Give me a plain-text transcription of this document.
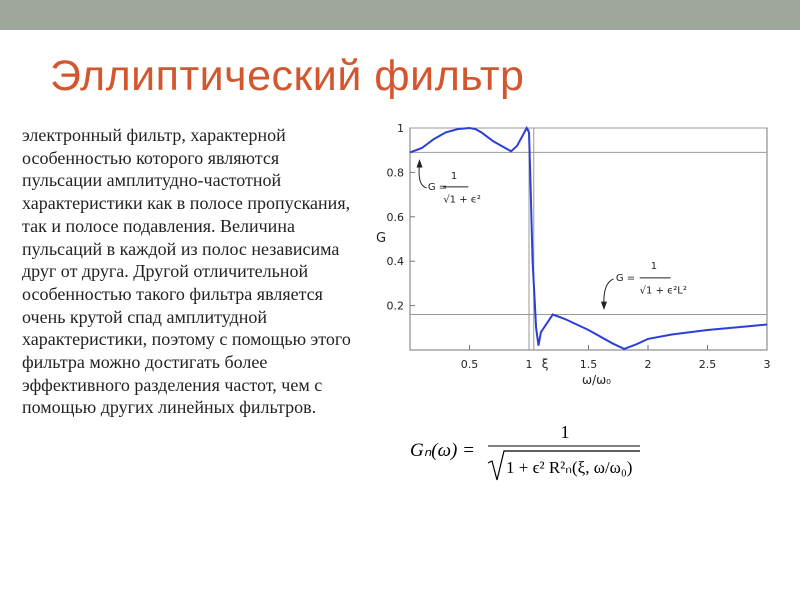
Эллиптический фильтр
электронный фильтр, характерной особенностью которого являются пульсации амплитудно-частотной характеристики как в полосе пропускания, так и полосе подавления. Величина пульсаций в каждой из полос независима друг от друга. Другой отличительной особенностью такого фильтра является очень крутой спад амплитудной характеристики, поэтому с помощью этого фильтра можно достигать более эффективного разделения частот, чем с помощью других линейных фильтров.
0.5	1	1.5	2	2.5	3
0.2
0.4
0.6
0.8
1
G
ω/ω₀
ξ
G =
1
√1 + ϵ²
G =
1
√1 + ϵ²L²
Gₙ(ω) =
1
1 + ϵ² R²ₙ(ξ, ω/ω₀)
